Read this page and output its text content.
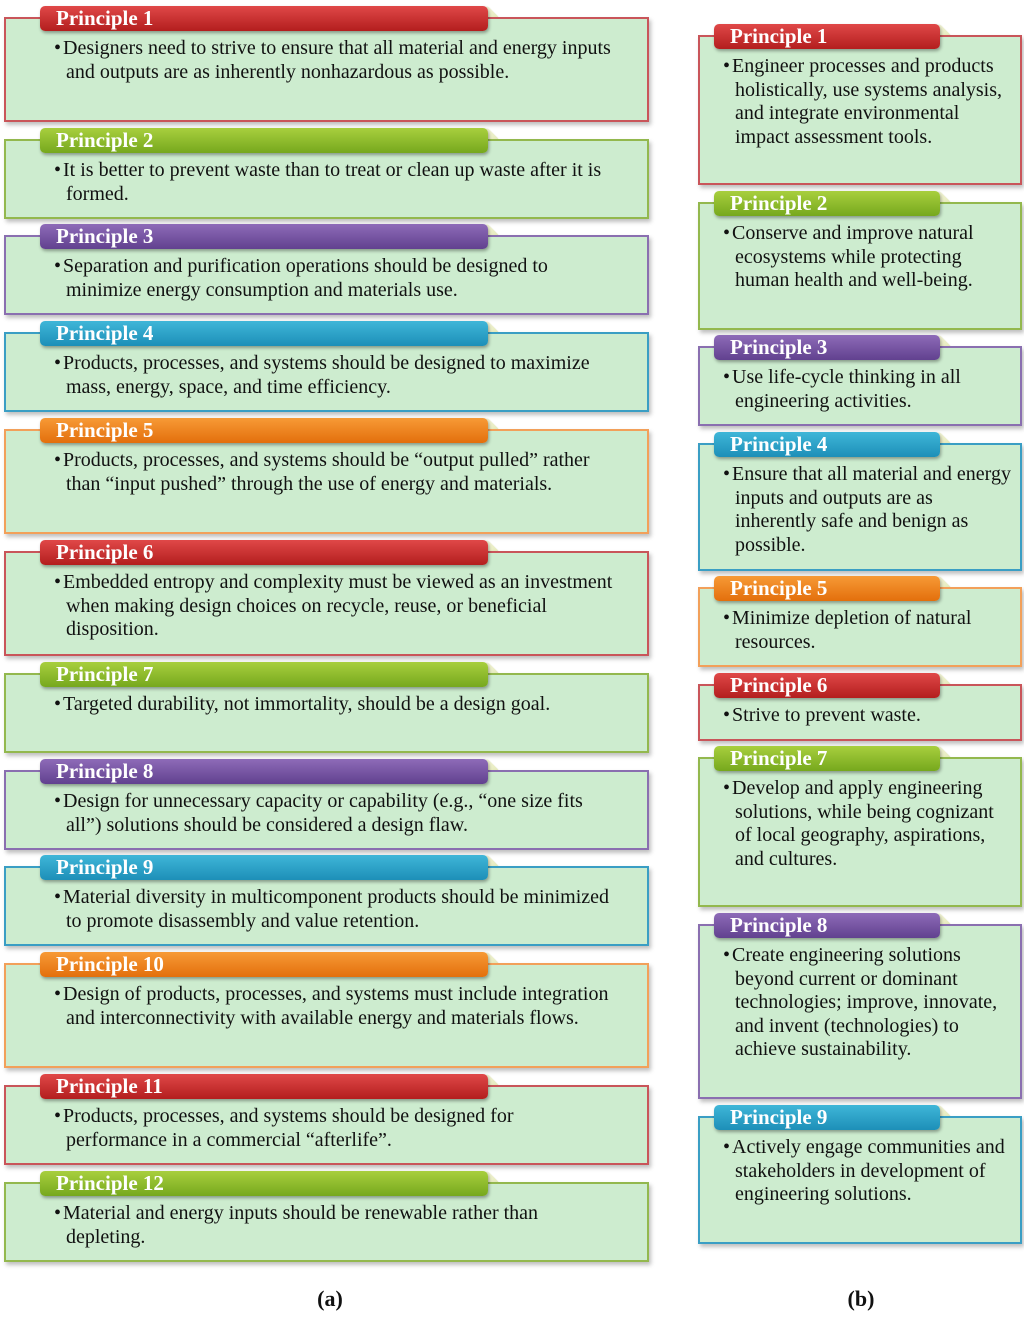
• Designers need to strive to ensure that all material and energy inputs and outputs are as inherently nonhazardous as possible.
Principle 1
• It is better to prevent waste than to treat or clean up waste after it is formed.
Principle 2
• Separation and purification operations should be designed to minimize energy consumption and materials use.
Principle 3
• Products, processes, and systems should be designed to maximize mass, energy, space, and time efficiency.
Principle 4
• Products, processes, and systems should be “output pulled” rather than “input pushed” through the use of energy and materials.
Principle 5
• Embedded entropy and complexity must be viewed as an investment when making design choices on recycle, reuse, or beneficial disposition.
Principle 6
• Targeted durability, not immortality, should be a design goal.
Principle 7
• Design for unnecessary capacity or capability (e.g., “one size fits all”) solutions should be considered a design flaw.
Principle 8
• Material diversity in multicomponent products should be minimized to promote disassembly and value retention.
Principle 9
• Design of products, processes, and systems must include integration and interconnectivity with available energy and materials flows.
Principle 10
• Products, processes, and systems should be designed for performance in a commercial “afterlife”.
Principle 11
• Material and energy inputs should be renewable rather than depleting.
Principle 12
(a)
• Engineer processes and products holistically, use systems analysis, and integrate environmental impact assessment tools.
Principle 1
• Conserve and improve natural ecosystems while protecting human health and well-being.
Principle 2
• Use life-cycle thinking in all engineering activities.
Principle 3
• Ensure that all material and energy inputs and outputs are as inherently safe and benign as possible.
Principle 4
• Minimize depletion of natural resources.
Principle 5
• Strive to prevent waste.
Principle 6
• Develop and apply engineering solutions, while being cognizant of local geography, aspirations, and cultures.
Principle 7
• Create engineering solutions beyond current or dominant technologies; improve, innovate, and invent (technologies) to achieve sustainability.
Principle 8
• Actively engage communities and stakeholders in development of engineering solutions.
Principle 9
(b)
